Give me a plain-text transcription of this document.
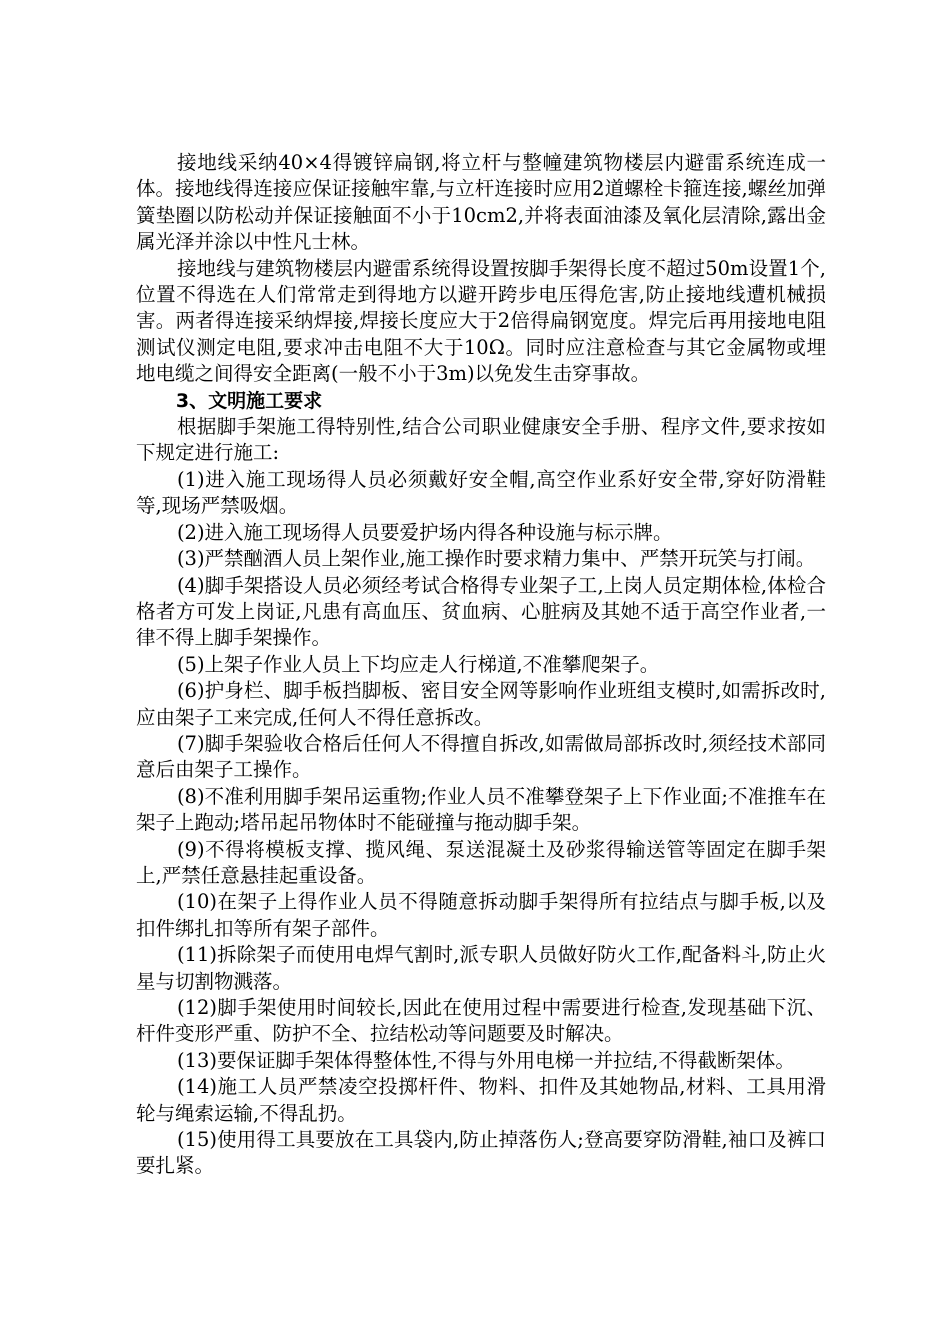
接地线采纳40×4得镀锌扁钢,将立杆与整幢建筑物楼层内避雷系统连成一体。接地线得连接应保证接触牢靠,与立杆连接时应用2道螺栓卡箍连接,螺丝加弹簧垫圈以防松动并保证接触面不小于10cm2,并将表面油漆及氧化层清除,露出金属光泽并涂以中性凡士林。

接地线与建筑物楼层内避雷系统得设置按脚手架得长度不超过50m设置1个,位置不得选在人们常常走到得地方以避开跨步电压得危害,防止接地线遭机械损害。两者得连接采纳焊接,焊接长度应大于2倍得扁钢宽度。焊完后再用接地电阻测试仪测定电阻,要求冲击电阻不大于10Ω。同时应注意检查与其它金属物或埋地电缆之间得安全距离(一般不小于3m)以免发生击穿事故。

3、文明施工要求

根据脚手架施工得特别性,结合公司职业健康安全手册、程序文件,要求按如下规定进行施工:

(1)进入施工现场得人员必须戴好安全帽,高空作业系好安全带,穿好防滑鞋等,现场严禁吸烟。

(2)进入施工现场得人员要爱护场内得各种设施与标示牌。

(3)严禁酗酒人员上架作业,施工操作时要求精力集中、严禁开玩笑与打闹。

(4)脚手架搭设人员必须经考试合格得专业架子工,上岗人员定期体检,体检合格者方可发上岗证,凡患有高血压、贫血病、心脏病及其她不适于高空作业者,一律不得上脚手架操作。

(5)上架子作业人员上下均应走人行梯道,不准攀爬架子。

(6)护身栏、脚手板挡脚板、密目安全网等影响作业班组支模时,如需拆改时,应由架子工来完成,任何人不得任意拆改。

(7)脚手架验收合格后任何人不得擅自拆改,如需做局部拆改时,须经技术部同意后由架子工操作。

(8)不准利用脚手架吊运重物;作业人员不准攀登架子上下作业面;不准推车在架子上跑动;塔吊起吊物体时不能碰撞与拖动脚手架。

(9)不得将模板支撑、揽风绳、泵送混凝土及砂浆得输送管等固定在脚手架上,严禁任意悬挂起重设备。

(10)在架子上得作业人员不得随意拆动脚手架得所有拉结点与脚手板,以及扣件绑扎扣等所有架子部件。

(11)拆除架子而使用电焊气割时,派专职人员做好防火工作,配备料斗,防止火星与切割物溅落。

(12)脚手架使用时间较长,因此在使用过程中需要进行检查,发现基础下沉、杆件变形严重、防护不全、拉结松动等问题要及时解决。

(13)要保证脚手架体得整体性,不得与外用电梯一并拉结,不得截断架体。

(14)施工人员严禁凌空投掷杆件、物料、扣件及其她物品,材料、工具用滑轮与绳索运输,不得乱扔。

(15)使用得工具要放在工具袋内,防止掉落伤人;登高要穿防滑鞋,袖口及裤口要扎紧。
